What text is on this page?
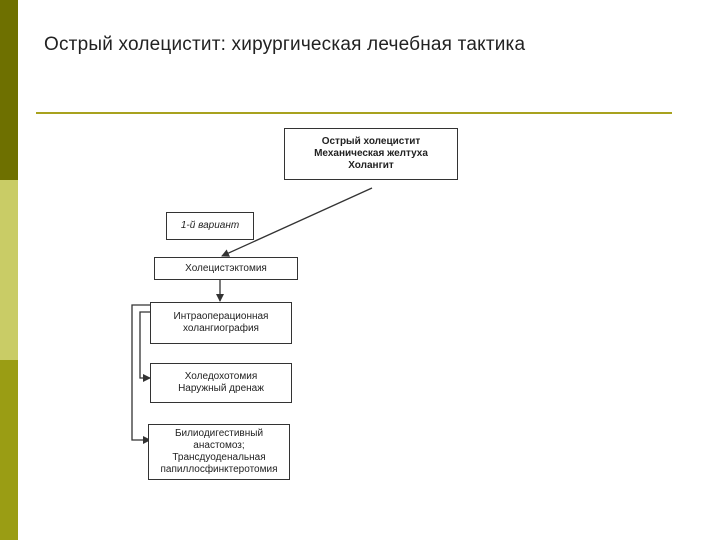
Острый холецистит: хирургическая лечебная тактика
Острый холецистит
Механическая желтуха
Холангит
1-й вариант
Холецистэктомия
Интраоперационная
холангиография
Холедохотомия
Наружный дренаж
Билиодигестивный
анастомоз;
Трансдуоденальная
папиллосфинктеротомия
